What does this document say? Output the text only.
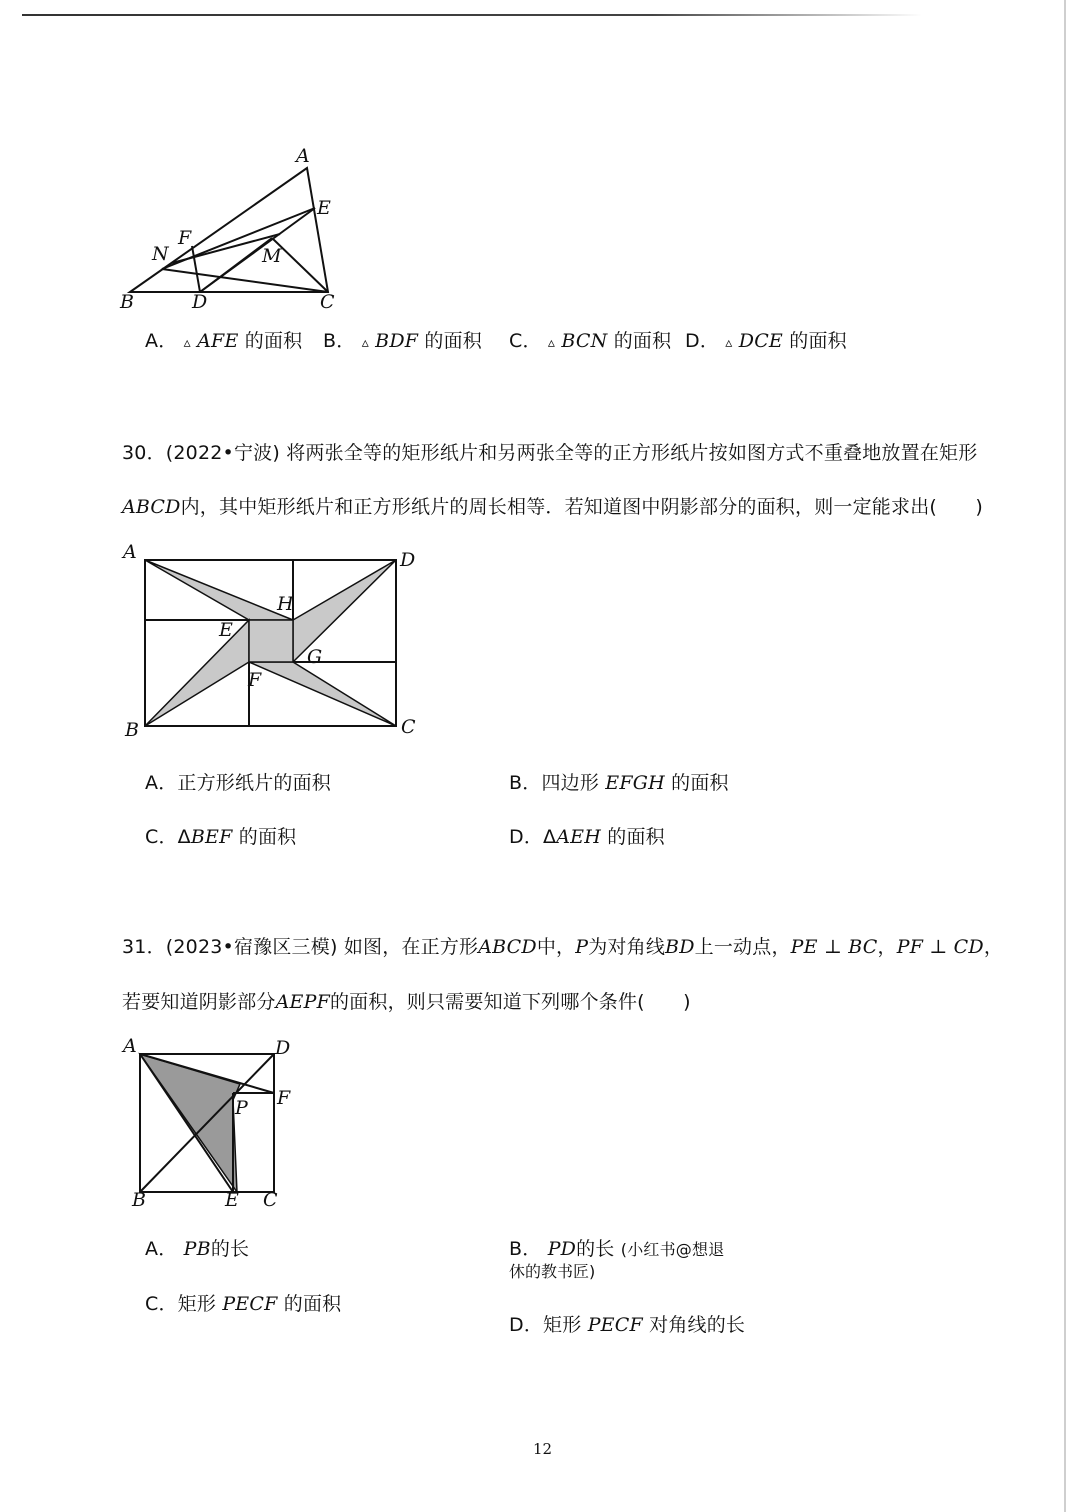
A
E
F
N	M
B	D	C
A． ▵ AFE 的面积 B． ▵ BDF 的面积 C． ▵ BCN 的面积 D． ▵ DCE 的面积
30．(2022•宁波) 将两张全等的矩形纸片和另两张全等的正方形纸片按如图方式不重叠地放置在矩形
ABCD内，其中矩形纸片和正方形纸片的周长相等．若知道图中阴影部分的面积，则一定能求出(　　)
A	D
H
E
G
F
B	C
A．正方形纸片的面积	B．四边形 EFGH 的面积
C．ΔBEF 的面积	D．ΔAEH 的面积
31．(2023•宿豫区三模) 如图，在正方形ABCD中，P为对角线BD上一动点，PE ⊥ BC，PF ⊥ CD，
若要知道阴影部分AEPF的面积，则只需要知道下列哪个条件(　　)
A	D
F
P
B	E C
A． PB的长	B． PD的长 (小红书@想退
休的教书匠)
C．矩形 PECF 的面积
D．矩形 PECF 对角线的长
12
